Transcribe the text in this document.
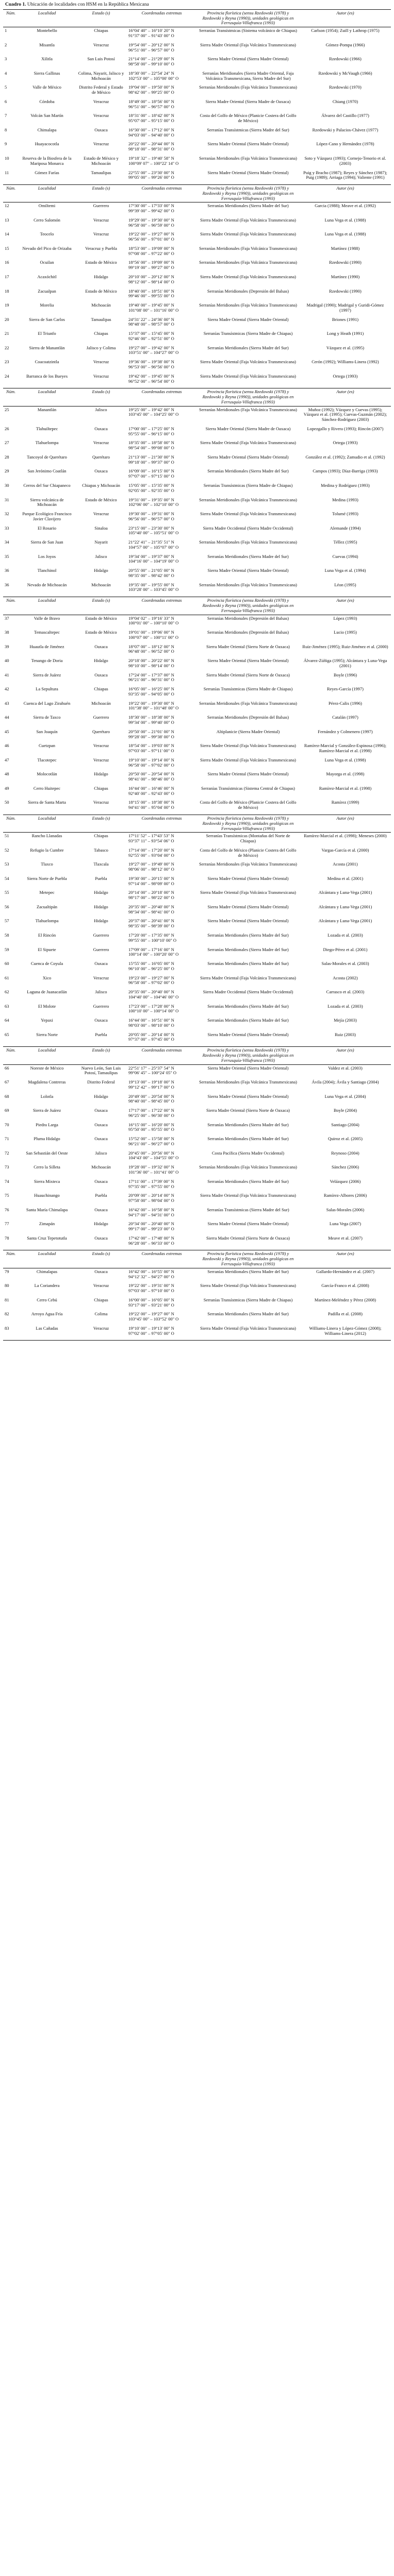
Cuadro 1. Ubicación de localidades con HSM en la República Mexicana
Núm.	Localidad	Estado (s)	Coordenadas extremas	Provincia florística (sensu Rzedowski (1978) y Rzedowski y Reyna (1990)), unidades geológicas en Ferrusquía-Villafranca (1993)	Autor (es)
1	Montebello	Chiapas	16°04' 40" – 16°10' 20" N
91°37' 00" – 91°43' 00" O	Serranías Transístmicas (Sistema volcánico de Chiapas)	Carlson (1954); Zuill y Lathrop (1975)
2	Misantla	Veracruz	19°54' 00" – 20°12' 00" N
96°51' 00" – 96°57' 00" O	Sierra Madre Oriental (Faja Volcánica Transmexicana)	Gómez-Pompa (1966)
3	Xilitla	San Luis Potosí	21°14' 00" – 21°29' 00" N
98°58' 00" – 99°10' 00" O	Sierra Madre Oriental (Sierra Madre Oriental)	Rzedowski (1966)
4	Sierra Gallinas	Colima, Nayarit, Jalisco y Michoacán	18°30' 00" – 22°54' 24" N
102°53' 00" – 105°00' 00" O	Serranías Meridionales (Sierra Madre Oriental, Faja Volcánica Transmexicana, Sierra Madre del Sur)	Rzedowski y McVaugh (1966)
5	Valle de México	Distrito Federal y Estado de México	19°04' 00" – 19°50' 00" N
98°42' 00" – 99°25' 00" O	Serranías Meridionales (Faja Volcánica Transmexicana)	Rzedowski (1970)
6	Córdoba	Veracruz	18°49' 00" – 18°56' 00" N
96°51' 00" – 96°57' 00" O	Sierra Madre Oriental (Sierra Madre de Oaxaca)	Chiang (1970)
7	Volcán San Martín	Veracruz	18°31' 00" – 18°42' 00" N
95°07' 00" – 95°15' 00" O	Costa del Golfo de México (Planicie Costera del Golfo de México)	Álvarez del Castillo (1977)
8	Chimalapa	Oaxaca	16°30' 00" – 17°12' 00" N
94°03' 00" – 94°40' 00" O	Serranías Transístmicas (Sierra Madre del Sur)	Rzedowski y Palacios-Chávez (1977)
9	Huayacocotla	Veracruz	20°22' 00" – 20°44' 00" N
98°18' 00" – 98°31' 00" O	Sierra Madre Oriental (Sierra Madre Oriental)	López-Cano y Hernández (1978)
10	Reserva de la Biosfera de la Mariposa Monarca	Estado de México y Michoacán	19°18' 32" – 19°40' 58" N
100°09' 07" – 100°22' 14" O	Serranías Meridionales (Faja Volcánica Transmexicana)	Soto y Vázquez (1993); Cornejo-Tenorio et al. (2003)
11	Gómez Farías	Tamaulipas	22°55' 00" – 23°30' 00" N
99°05' 00" – 99°26' 00" O	Sierra Madre Oriental (Sierra Madre Oriental)	Puig y Bracho (1987); Reyes y Sánchez (1987); Puig (1989); Arriaga (1994); Valiente (1991)

Núm.	Localidad	Estado (s)	Coordenadas extremas	Provincia florística (sensu Rzedowski (1978) y Rzedowski y Reyna (1990)), unidades geológicas en Ferrusquía-Villafranca (1993)	Autor (es)
12	Omiltemi	Guerrero	17°30' 00" – 17°33' 00" N
99°39' 00" – 99°42' 00" O	Serranías Meridionales (Sierra Madre del Sur)	Garcia (1988); Meave et al. (1992)
13	Cerro Salomón	Veracruz	19°29' 00" – 19°30' 00" N
96°58' 00" – 96°59' 00" O	Sierra Madre Oriental (Faja Volcánica Transmexicana)	Luna Vega et al. (1988)
14	Teocelo	Veracruz	19°22' 00" – 19°27' 00" N
96°56' 00" – 97°01' 00" O	Sierra Madre Oriental (Faja Volcánica Transmexicana)	Luna Vega et al. (1988)
15	Nevado del Pico de Orizaba	Veracruz y Puebla	18°53' 00" – 19°09' 00" N
97°08' 00" – 97°22' 00" O	Serranías Meridionales (Faja Volcánica Transmexicana)	Martínez (1988)
16	Ocuilan	Estado de México	18°56' 00" – 19°09' 00" N
99°19' 00" – 99°27' 00" O	Serranías Meridionales (Faja Volcánica Transmexicana)	Rzedowski (1990)
17	Acaxóchitl	Hidalgo	20°10' 00" – 20°12' 00" N
98°12' 00" – 98°14' 00" O	Sierra Madre Oriental (Faja Volcánica Transmexicana)	Martínez (1990)
18	Zacualpan	Estado de México	18°40' 00" – 18°51' 00" N
99°46' 00" – 99°55' 00" O	Serranías Meridionales (Depresión del Balsas)	Rzedowski (1990)
19	Morelia	Michoacán	19°40' 00" – 19°45' 00" N
101°08' 00" – 101°16' 00" O	Serranías Meridionales (Faja Volcánica Transmexicana)	Madrigal (1990); Madrigal y Guridi-Gómez (1997)
20	Sierra de San Carlos	Tamaulipas	24°31' 22" – 24°36' 00" N
98°48' 00" – 98°57' 00" O	Sierra Madre Oriental (Sierra Madre Oriental)	Briones (1991)
21	El Triunfo	Chiapas	15°37' 00" – 15°45' 00" N
92°46' 00" – 92°51' 00" O	Serranías Transístmicas (Sierra Madre de Chiapas)	Long y Heath (1991)
22	Sierra de Manantlán	Jalisco y Colima	19°27' 00" – 19°42' 00" N
103°51' 00" – 104°27' 00" O	Serranías Meridionales (Sierra Madre del Sur)	Vázquez et al. (1995)
23	Coacoatzintla	Veracruz	19°36' 00" – 19°38' 00" N
96°53' 00" – 96°56' 00" O	Sierra Madre Oriental (Faja Volcánica Transmexicana)	Cerón (1992); Williams-Linera (1992)
24	Barranca de los Bueyes	Veracruz	19°42' 00" – 19°45' 00" N
96°52' 00" – 96°54' 00" O	Sierra Madre Oriental (Faja Volcánica Transmexicana)	Ortega (1993)

Núm.	Localidad	Estado (s)	Coordenadas extremas	Provincia florística (sensu Rzedowski (1978) y Rzedowski y Reyna (1990)), unidades geológicas en Ferrusquía-Villafranca (1993)	Autor (es)
25	Manantlán	Jalisco	19°25' 00" – 19°42' 00" N
103°45' 00" – 104°25' 00" O	Serranías Meridionales (Faja Volcánica Transmexicana)	Muñoz (1992); Vázquez y Cuevas (1995); Vázquez et al. (1995); Cuevas-Guzmán (2002); Sánchez-Rodríguez (2003)
26	Tlahuiltepec	Oaxaca	17°00' 00" – 17°25' 00" N
95°55' 00" – 96°15' 00" O	Sierra Madre Oriental (Sierra Madre de Oaxaca)	Lopezgallo y Rivera (1993); Rincón (2007)
27	Tlahuelompa	Veracruz	18°35' 00" – 18°58' 00" N
98°54' 00" – 99°08' 00" O	Sierra Madre Oriental (Faja Volcánica Transmexicana)	Ortega (1993)
28	Tancoyol de Querétaro	Querétaro	21°13' 00" – 21°30' 00" N
99°18' 00" – 99°37' 00" O	Sierra Madre Oriental (Sierra Madre Oriental)	González et al. (1992); Zamudio et al. (1992)
29	San Jerónimo Coatlán	Oaxaca	16°09' 00" – 16°15' 00" N
97°07' 00" – 97°15' 00" O	Serranías Meridionales (Sierra Madre del Sur)	Campos (1993); Díaz-Barriga (1993)
30	Cerros del Sur Chiapaneco	Chiapas y Michoacán	15°05' 00" – 15°35' 00" N
92°05' 00" – 92°35' 00" O	Serranías Transístmicas (Sierra Madre de Chiapas)	Medina y Rodríguez (1993)
31	Sierra volcánica de Michoacán	Estado de México	19°31' 00" – 19°35' 00" N
102°06' 00" – 102°10' 00" O	Serranías Meridionales (Faja Volcánica Transmexicana)	Medina (1993)
32	Parque Ecológico Francisco Javier Clavijero	Veracruz	19°30' 00" – 19°31' 00" N
96°56' 00" – 96°57' 00" O	Sierra Madre Oriental (Faja Volcánica Transmexicana)	Tolumé (1993)
33	El Rosario	Sinaloa	23°15' 00" – 23°30' 00" N
105°40' 00" – 105°51' 00" O	Sierra Madre Occidental (Sierra Madre Occidental)	Alemande (1994)
34	Sierra de San Juan	Nayarit	21°22' 41" – 21°35' 51" N
104°57' 00" – 105°07' 00" O	Serranías Meridionales (Faja Volcánica Transmexicana)	Téllez (1995)
35	Los Joyos	Jalisco	19°34' 00" – 19°37' 00" N
104°16' 00" – 104°19' 00" O	Serranías Meridionales (Sierra Madre del Sur)	Cuevas (1994)
36	Tlanchinol	Hidalgo	20°55' 00" – 21°05' 00" N
98°35' 00" – 98°42' 00" O	Sierra Madre Oriental (Sierra Madre Oriental)	Luna Vega et al. (1994)
36	Nevado de Michoacán	Michoacán	19°35' 00" – 19°55' 00" N
103°28' 00" – 103°45' 00" O	Serranías Meridionales (Faja Volcánica Transmexicana)	Léon (1995)

Núm.	Localidad	Estado (s)	Coordenadas extremas	Provincia florística (sensu Rzedowski (1978) y Rzedowski y Reyna (1990)), unidades geológicas en Ferrusquía-Villafranca (1993)	Autor (es)
37	Valle de Bravo	Estado de México	19°04' 02" – 19°16' 33" N
100°01' 00" – 100°10' 00" O	Serranías Meridionales (Depresión del Balsas)	López (1993)
38	Temascaltepec	Estado de México	19°01' 00" – 19°06' 00" N
100°07' 00" – 100°11' 00" O	Serranías Meridionales (Depresión del Balsas)	Lucio (1995)
39	Huautla de Jiménez	Oaxaca	18°07' 00" – 18°12' 00" N
96°48' 00" – 96°52' 00" O	Sierra Madre Oriental (Sierra Norte de Oaxaca)	Ruiz-Jiménez (1995); Ruiz-Jiménez et al. (2000)
40	Tenango de Doria	Hidalgo	20°18' 00" – 20°22' 00" N
98°10' 00" – 98°14' 00" O	Sierra Madre Oriental (Sierra Madre Oriental)	Álvarez-Zúñiga (1995); Alcántara y Luna-Vega (2001)
41	Sierra de Juárez	Oaxaca	17°24' 00" – 17°37' 00" N
96°21' 00" – 96°31' 00" O	Sierra Madre Oriental (Sierra Norte de Oaxaca)	Boyle (1996)
42	La Sepultura	Chiapas	16°05' 00" – 16°25' 00" N
93°35' 00" – 94°05' 00" O	Serranías Transístmicas (Sierra Madre de Chiapas)	Reyes-García (1997)
43	Cuenca del Lago Zirahuén	Michoacán	19°22' 00" – 19°30' 00" N
101°38' 00" – 101°48' 00" O	Serranías Meridionales (Faja Volcánica Transmexicana)	Pérez-Calix (1996)
44	Sierra de Taxco	Guerrero	18°30' 00" – 18°38' 00" N
99°34' 00" – 99°40' 00" O	Serranías Meridionales (Depresión del Balsas)	Catalán (1997)
45	San Joaquín	Querétaro	20°50' 00" – 21°01' 00" N
99°28' 00" – 99°38' 00" O	Altiplanicie (Sierra Madre Oriental)	Fernández y Colmenero (1997)
46	Cuetzpan	Veracruz	18°54' 00" – 19°03' 00" N
97°03' 00" – 97°11' 00" O	Sierra Madre Oriental (Faja Volcánica Transmexicana)	Ramírez-Marcial y González-Espinosa (1996); Ramírez-Marcial et al. (1998)
47	Tlacotepec	Veracruz	19°10' 00" – 19°14' 00" N
96°58' 00" – 97°02' 00" O	Sierra Madre Oriental (Faja Volcánica Transmexicana)	Luna Vega et al. (1998)
48	Molocotlán	Hidalgo	20°50' 00" – 20°54' 00" N
98°41' 00" – 98°46' 00" O	Sierra Madre Oriental (Sierra Madre Oriental)	Mayorga et al. (1998)
49	Cerro Huitepec	Chiapas	16°44' 00" – 16°46' 00" N
92°40' 00" – 92°43' 00" O	Serranías Transístmicas (Sistema Central de Chiapas)	Ramírez-Marcial et al. (1998)
50	Sierra de Santa Marta	Veracruz	18°15' 00" – 18°38' 00" N
94°41' 00" – 95°04' 00" O	Costa del Golfo de México (Planicie Costera del Golfo de México)	Ramírez (1999)

Núm.	Localidad	Estado (s)	Coordenadas extremas	Provincia florística (sensu Rzedowski (1978) y Rzedowski y Reyna (1990)), unidades geológicas en Ferrusquía-Villafranca (1993)	Autor (es)
51	Rancho Llanadas	Chiapas	17°11' 52" – 17°43' 53" N
93°37' 11" – 93°54' 06" O	Serranías Transístmicas (Montañas del Norte de Chiapas)	Ramírez-Marcial et al. (1998); Meneses (2000)
52	Refugio la Cumbre	Tabasco	17°14' 00" – 17°20' 00" N
92°55' 00" – 93°04' 00" O	Costa del Golfo de México (Planicie Costera del Golfo de México)	Vargas-García et al. (2000)
53	Tlaxco	Tlaxcala	19°27' 00" – 19°49' 00" N
98°06' 00" – 98°12' 00" O	Serranías Meridionales (Faja Volcánica Transmexicana)	Acosta (2001)
54	Sierra Norte de Puebla	Puebla	19°30' 00" – 20°15' 00" N
97°14' 00" – 98°09' 00" O	Sierra Madre Oriental (Sierra Madre Oriental)	Medina et al. (2001)
55	Metepec	Hidalgo	20°14' 00" – 20°18' 00" N
98°17' 00" – 98°22' 00" O	Sierra Madre Oriental (Faja Volcánica Transmexicana)	Alcántara y Luna-Vega (2001)
56	Zacualtipán	Hidalgo	20°35' 00" – 20°40' 00" N
98°34' 00" – 98°41' 00" O	Sierra Madre Oriental (Sierra Madre Oriental)	Alcántara y Luna-Vega (2001)
57	Tlahuelompa	Hidalgo	20°37' 00" – 20°41' 00" N
98°35' 00" – 98°39' 00" O	Sierra Madre Oriental (Sierra Madre Oriental)	Alcántara y Luna-Vega (2001)
58	El Rincón	Guerrero	17°20' 00" – 17°35' 00" N
99°55' 00" – 100°10' 00" O	Serranías Meridionales (Sierra Madre del Sur)	Lozada et al. (2003)
59	El Sipuete	Guerrero	17°09' 00" – 17°16' 00" N
100°14' 00" – 100°20' 00" O	Serranías Meridionales (Sierra Madre del Sur)	Diego-Pérez et al. (2001)
60	Cuenca de Coyula	Oaxaca	15°55' 00" – 16°05' 00" N
96°10' 00" – 96°25' 00" O	Serranías Meridionales (Sierra Madre del Sur)	Salas-Morales et al. (2003)
61	Xico	Veracruz	19°23' 00" – 19°27' 00" N
96°58' 00" – 97°02' 00" O	Sierra Madre Oriental (Faja Volcánica Transmexicana)	Acosta (2002)
62	Laguna de Juanacatlán	Jalisco	20°35' 00" – 20°40' 00" N
104°40' 00" – 104°46' 00" O	Sierra Madre Occidental (Sierra Madre Occidental)	Carrasco et al. (2003)
63	El Molote	Guerrero	17°23' 00" – 17°28' 00" N
100°10' 00" – 100°14' 00" O	Serranías Meridionales (Sierra Madre del Sur)	Lozada et al. (2003)
64	Yepaxi	Oaxaca	16°44' 00" – 16°51' 00" N
98°03' 00" – 98°10' 00" O	Serranías Meridionales (Sierra Madre del Sur)	Mejía (2003)
65	Sierra Norte	Puebla	20°05' 00" – 20°14' 00" N
97°37' 00" – 97°45' 00" O	Sierra Madre Oriental (Sierra Madre Oriental)	Ruiz (2003)

Núm.	Localidad	Estado (s)	Coordenadas extremas	Provincia florística (sensu Rzedowski (1978) y Rzedowski y Reyna (1990)), unidades geológicas en Ferrusquía-Villafranca (1993)	Autor (es)
66	Noreste de México	Nuevo León, San Luis Potosí, Tamaulipas	22°51' 17" – 25°37' 54" N
99°06' 45" – 100°24' 05" O	Sierra Madre Oriental (Sierra Madre Oriental)	Valdez et al. (2003)
67	Magdalena Contreras	Distrito Federal	19°13' 00" – 19°18' 00" N
99°12' 42" – 99°17' 00" O	Serranías Meridionales (Faja Volcánica Transmexicana)	Ávila (2004); Ávila y Santiago (2004)
68	Lolotla	Hidalgo	20°49' 00" – 20°54' 00" N
98°40' 00" – 98°45' 00" O	Sierra Madre Oriental (Sierra Madre Oriental)	Luna Vega et al. (2004)
69	Sierra de Juárez	Oaxaca	17°17' 00" – 17°22' 00" N
96°25' 00" – 96°30' 00" O	Sierra Madre Oriental (Sierra Norte de Oaxaca)	Boyle (2004)
70	Piedra Larga	Oaxaca	16°15' 00" – 16°20' 00" N
95°50' 00" – 95°55' 00" O	Serranías Meridionales (Sierra Madre del Sur)	Santiago (2004)
71	Pluma Hidalgo	Oaxaca	15°52' 00" – 15°58' 00" N
96°21' 00" – 96°27' 00" O	Serranías Meridionales (Sierra Madre del Sur)	Quiroz et al. (2005)
72	San Sebastián del Oeste	Jalisco	20°45' 00" – 20°56' 00" N
104°43' 00" – 104°55' 00" O	Costa Pacífica (Sierra Madre Occidental)	Reynoso (2004)
73	Cerro la Silleta	Michoacán	19°28' 00" – 19°32' 00" N
101°36' 00" – 101°41' 00" O	Serranías Meridionales (Faja Volcánica Transmexicana)	Sánchez (2006)
74	Sierra Mixteca	Oaxaca	17°11' 00" – 17°39' 00" N
97°35' 00" – 97°55' 00" O	Serranías Meridionales (Sierra Madre del Sur)	Velázquez (2006)
75	Huauchinango	Puebla	20°09' 00" – 20°14' 00" N
97°58' 00" – 98°04' 00" O	Sierra Madre Oriental (Faja Volcánica Transmexicana)	Ramírez-Albores (2006)
76	Santa María Chimalapa	Oaxaca	16°42' 00" – 16°58' 00" N
94°17' 00" – 94°31' 00" O	Serranías Transístmicas (Sierra Madre del Sur)	Salas-Morales (2006)
77	Zimapán	Hidalgo	20°34' 00" – 20°40' 00" N
99°17' 00" – 99°23' 00" O	Sierra Madre Oriental (Sierra Madre Oriental)	Luna Vega (2007)
78	Santa Cruz Tepetotutla	Oaxaca	17°42' 00" – 17°48' 00" N
96°28' 00" – 96°33' 00" O	Sierra Madre Oriental (Sierra Norte de Oaxaca)	Meave et al. (2007)

Núm.	Localidad	Estado (s)	Coordenadas extremas	Provincia florística (sensu Rzedowski (1978) y Rzedowski y Reyna (1990)), unidades geológicas en Ferrusquía-Villafranca (1993)	Autor (es)
79	Chimalapas	Oaxaca	16°42' 00" – 16°55' 00" N
94°12' 32" – 94°27' 00" O	Serranías Meridionales (Sierra Madre del Sur)	Gallardo-Hernández et al. (2007)
80	La Coriandera	Veracruz	19°22' 00" – 19°31' 00" N
97°03' 00" – 97°10' 00" O	Sierra Madre Oriental (Faja Volcánica Transmexicana)	García-Franco et al. (2008)
81	Cerro Cebú	Chiapas	16°00' 00" – 16°05' 00" N
93°17' 00" – 93°21' 00" O	Serranías Transístmicas (Sierra Madre de Chiapas)	Martínez-Meléndez y Pérez (2008)
82	Arroyo Agua Fría	Colima	19°22' 00" – 19°27' 00" N
103°45' 00" – 103°52' 00" O	Serranías Meridionales (Sierra Madre del Sur)	Padilla et al. (2008)
83	Las Cañadas	Veracruz	19°10' 00" – 19°13' 00" N
97°02' 00" – 97°05' 00" O	Sierra Madre Oriental (Faja Volcánica Transmexicana)	Williams-Linera y López-Gómez (2008); Williams-Linera (2012)
